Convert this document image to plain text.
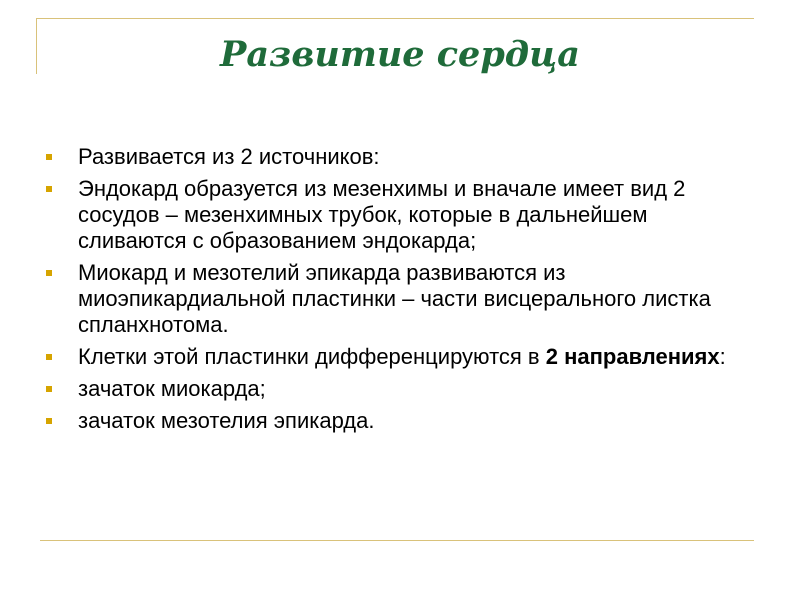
Развитие сердца
Развивается из 2 источников:
Эндокард образуется из мезенхимы и вначале имеет вид 2 сосудов – мезенхимных трубок, которые в дальнейшем сливаются с образованием эндокарда;
Миокард и мезотелий эпикарда развиваются из миоэпикардиальной пластинки – части висцерального листка спланхнотома.
Клетки этой пластинки дифференцируются в 2 направлениях:
зачаток миокарда;
зачаток мезотелия эпикарда.
